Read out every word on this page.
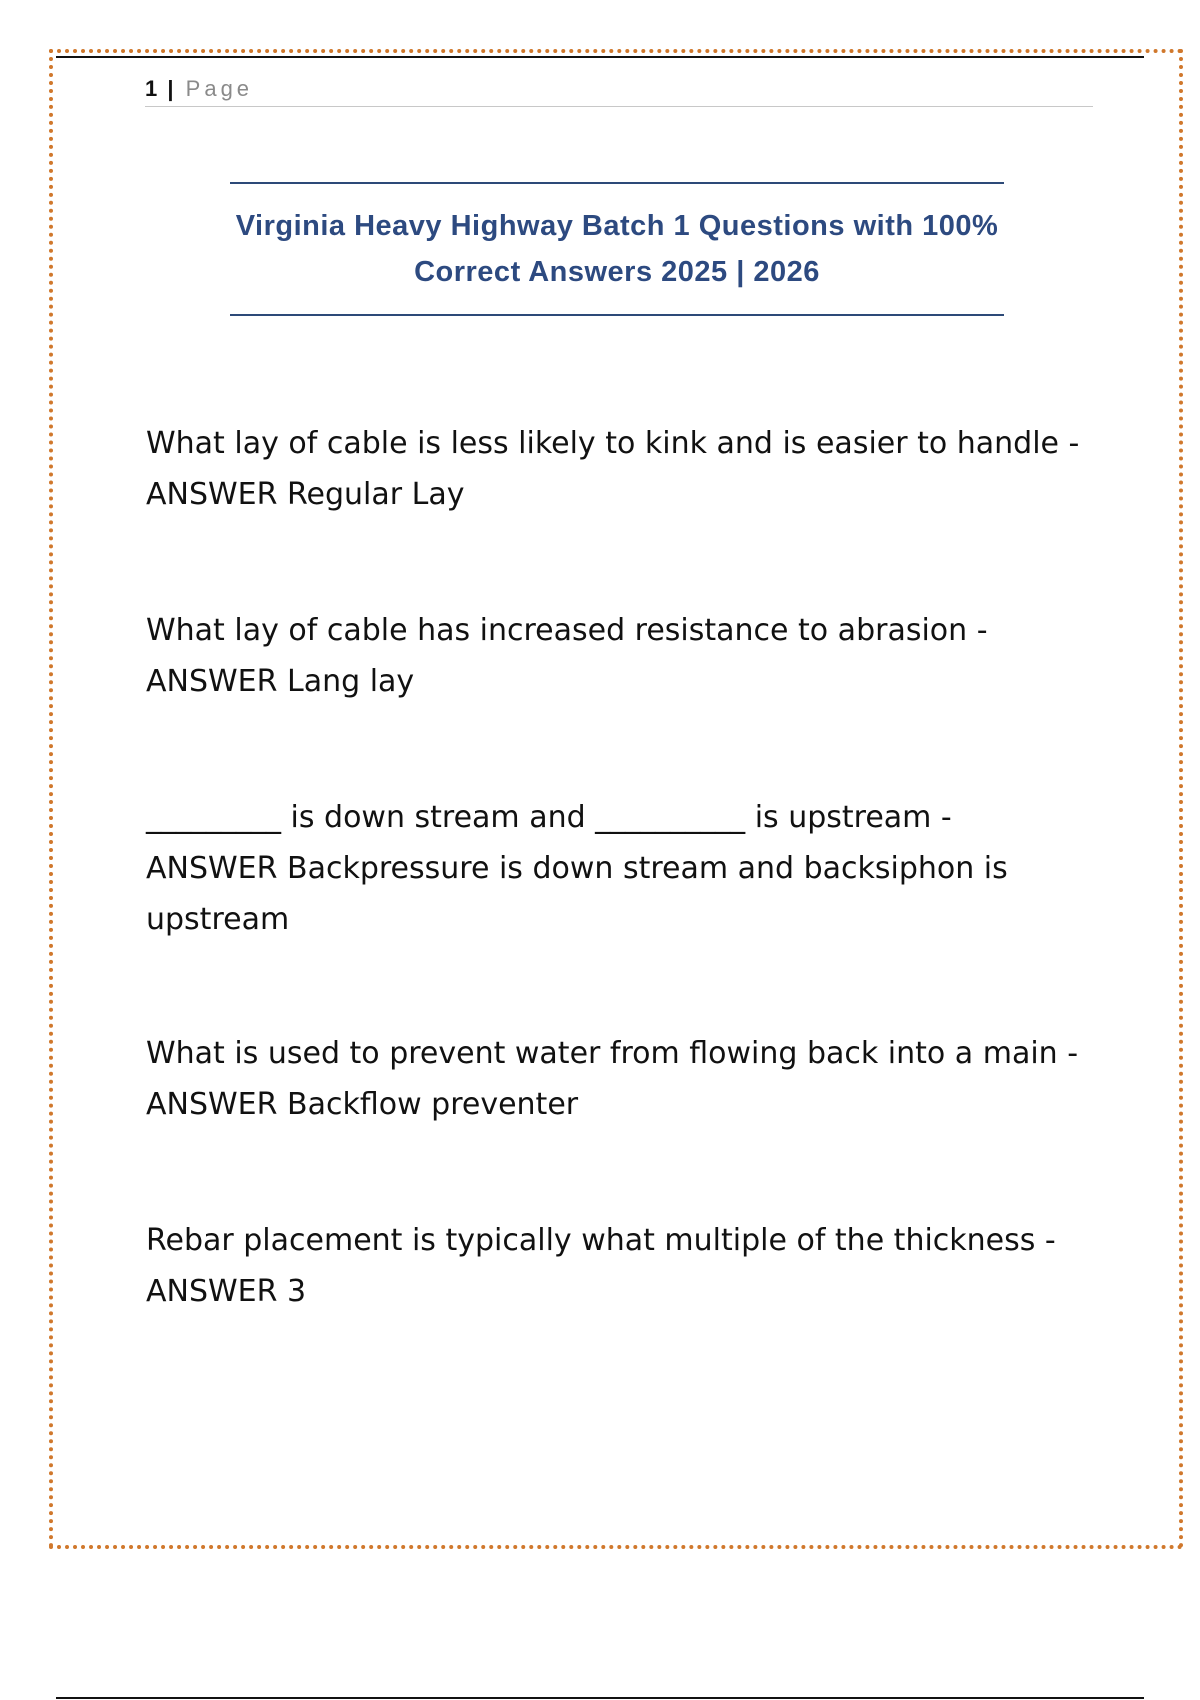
1 | Page
Virginia Heavy Highway Batch 1 Questions with 100% Correct Answers 2025 | 2026
What lay of cable is less likely to kink and is easier to handle - ANSWER Regular Lay
What lay of cable has increased resistance to abrasion - ANSWER Lang lay
_________ is down stream and __________ is upstream - ANSWER Backpressure is down stream and backsiphon is upstream
What is used to prevent water from flowing back into a main - ANSWER Backflow preventer
Rebar placement is typically what multiple of the thickness - ANSWER 3
